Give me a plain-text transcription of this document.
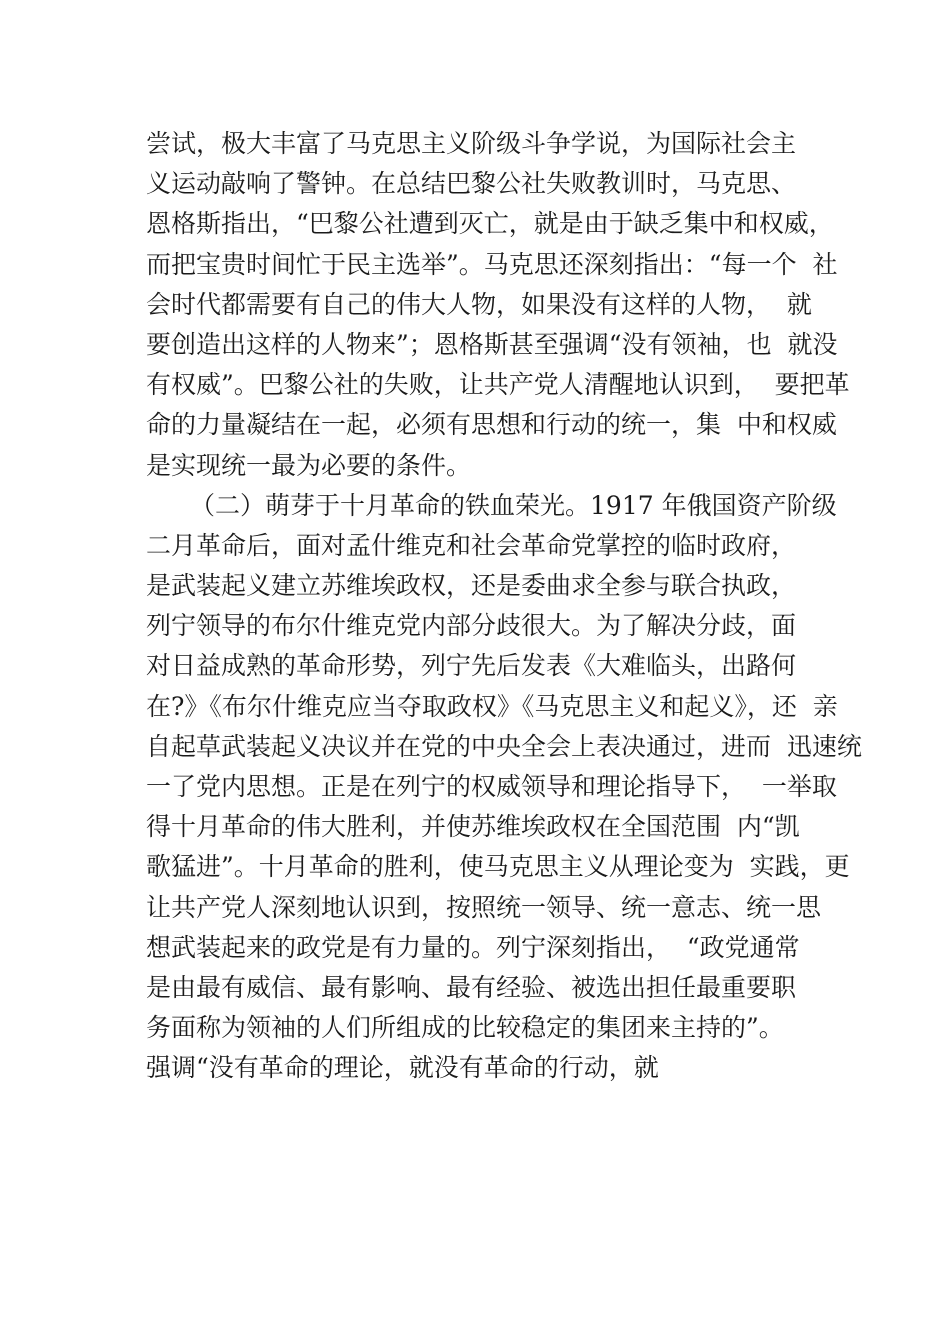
尝试，极大丰富了马克思主义阶级斗争学说，为国际社会主
义运动敲响了警钟。在总结巴黎公社失败教训时，马克思、
恩格斯指出，“巴黎公社遭到灭亡，就是由于缺乏集中和权威，
而把宝贵时间忙于民主选举”。马克思还深刻指出：“每一个  社
会时代都需要有自己的伟大人物，如果没有这样的人物，  就
要创造出这样的人物来”；恩格斯甚至强调“没有领袖，也  就没
有权威”。巴黎公社的失败，让共产党人清醒地认识到，  要把革
命的力量凝结在一起，必须有思想和行动的统一，集  中和权威
是实现统一最为必要的条件。
（二）萌芽于十月革命的铁血荣光。1917 年俄国资产阶级
二月革命后，面对孟什维克和社会革命党掌控的临时政府，
是武装起义建立苏维埃政权，还是委曲求全参与联合执政，
列宁领导的布尔什维克党内部分歧很大。为了解决分歧，面
对日益成熟的革命形势，列宁先后发表《大难临头，出路何
在?》《布尔什维克应当夺取政权》《马克思主义和起义》，还  亲
自起草武装起义决议并在党的中央全会上表决通过，进而  迅速统
一了党内思想。正是在列宁的权威领导和理论指导下，  一举取
得十月革命的伟大胜利，并使苏维埃政权在全国范围  内“凯
歌猛进”。十月革命的胜利，使马克思主义从理论变为  实践，更
让共产党人深刻地认识到，按照统一领导、统一意志、统一思
想武装起来的政党是有力量的。列宁深刻指出，  “政党通常
是由最有威信、最有影响、最有经验、被选出担任最重要职
务面称为领袖的人们所组成的比较稳定的集团来主持的”。
强调“没有革命的理论，就没有革命的行动，就
